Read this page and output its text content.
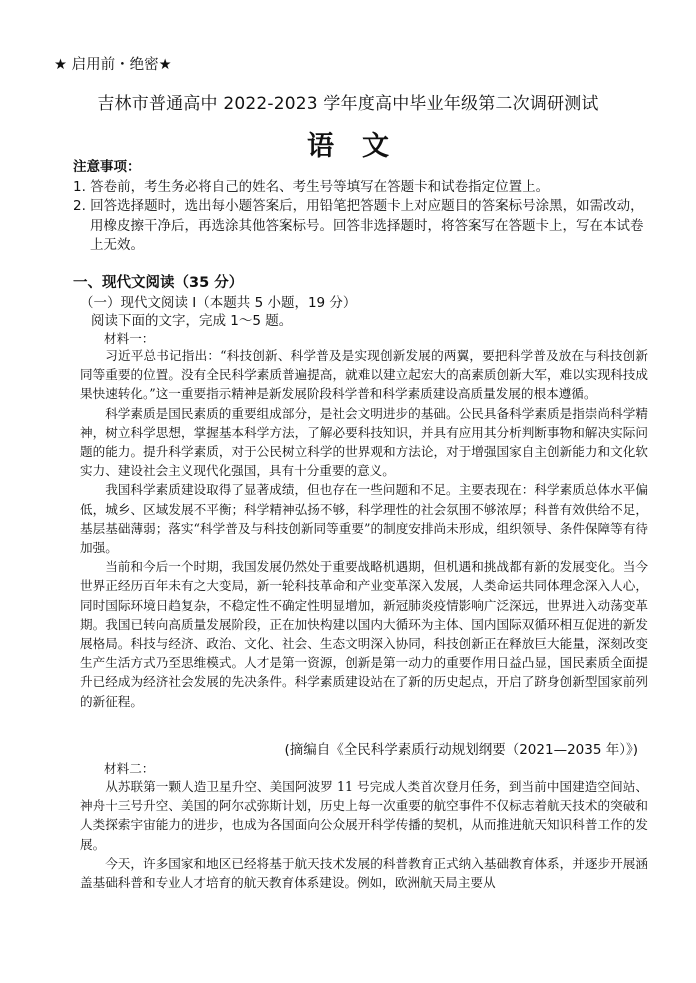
★ 启用前・绝密★
吉林市普通高中 2022-2023 学年度高中毕业年级第二次调研测试
语文
注意事项：
1. 答卷前，考生务必将自己的姓名、考生号等填写在答题卡和试卷指定位置上。
2. 回答选择题时，选出每小题答案后，用铅笔把答题卡上对应题目的答案标号涂黑，如需改动，用橡皮擦干净后，再选涂其他答案标号。回答非选择题时，将答案写在答题卡上，写在本试卷上无效。
一、现代文阅读（35 分）
（一）现代文阅读 I（本题共 5 小题，19 分）
阅读下面的文字，完成 1～5 题。
材料一：

习近平总书记指出：“科技创新、科学普及是实现创新发展的两翼，要把科学普及放在与科技创新同等重要的位置。没有全民科学素质普遍提高，就难以建立起宏大的高素质创新大军，难以实现科技成果快速转化。”这一重要指示精神是新发展阶段科学普和科学素质建设高质量发展的根本遵循。

科学素质是国民素质的重要组成部分，是社会文明进步的基础。公民具备科学素质是指崇尚科学精神，树立科学思想，掌握基本科学方法，了解必要科技知识，并具有应用其分析判断事物和解决实际问题的能力。提升科学素质，对于公民树立科学的世界观和方法论，对于增强国家自主创新能力和文化软实力、建设社会主义现代化强国，具有十分重要的意义。

我国科学素质建设取得了显著成绩，但也存在一些问题和不足。主要表现在：科学素质总体水平偏低，城乡、区域发展不平衡；科学精神弘扬不够，科学理性的社会氛围不够浓厚；科普有效供给不足，基层基础薄弱；落实“科学普及与科技创新同等重要”的制度安排尚未形成，组织领导、条件保障等有待加强。

当前和今后一个时期，我国发展仍然处于重要战略机遇期，但机遇和挑战都有新的发展变化。当今世界正经历百年未有之大变局，新一轮科技革命和产业变革深入发展，人类命运共同体理念深入人心，同时国际环境日趋复杂，不稳定性不确定性明显增加，新冠肺炎疫情影响广泛深远，世界进入动荡变革期。我国已转向高质量发展阶段，正在加快构建以国内大循环为主体、国内国际双循环相互促进的新发展格局。科技与经济、政治、文化、社会、生态文明深入协同，科技创新正在释放巨大能量，深刻改变生产生活方式乃至思维模式。人才是第一资源，创新是第一动力的重要作用日益凸显，国民素质全面提升已经成为经济社会发展的先决条件。科学素质建设站在了新的历史起点，开启了跻身创新型国家前列的新征程。

(摘编自《全民科学素质行动规划纲要（2021—2035 年）》)
材料二：

从苏联第一颗人造卫星升空、美国阿波罗 11 号完成人类首次登月任务，到当前中国建造空间站、神舟十三号升空、美国的阿尔忒弥斯计划，历史上每一次重要的航空事件不仅标志着航天技术的突破和人类探索宇宙能力的进步，也成为各国面向公众展开科学传播的契机，从而推进航天知识科普工作的发展。

今天，许多国家和地区已经将基于航天技术发展的科普教育正式纳入基础教育体系，并逐步开展涵盖基础科普和专业人才培育的航天教育体系建设。例如，欧洲航天局主要从
